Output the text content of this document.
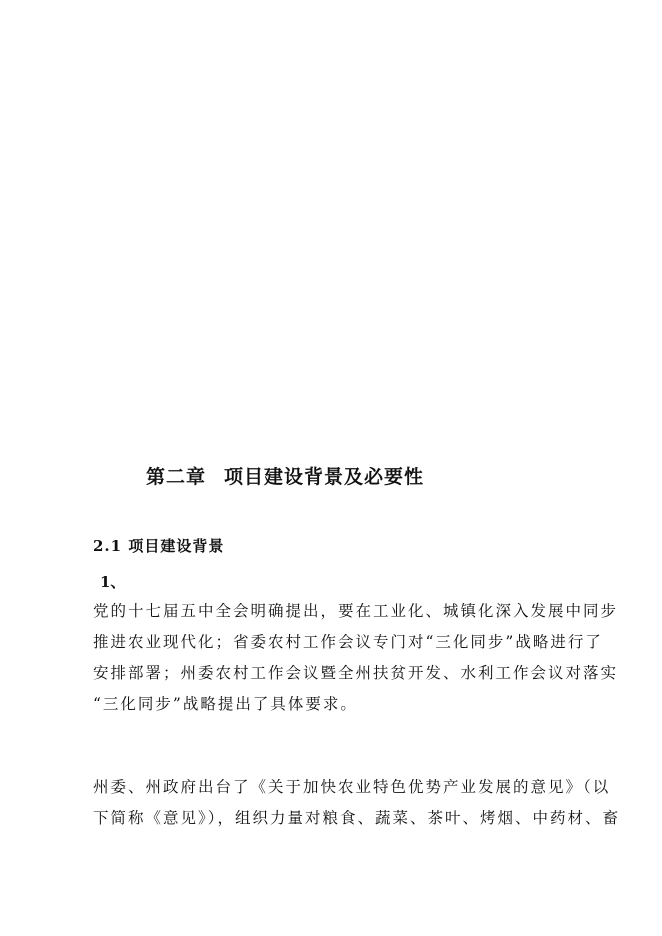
第二章 项目建设背景及必要性
2.1 项目建设背景
1、
党的十七届五中全会明确提出，要在工业化、城镇化深入发展中同步
推进农业现代化；省委农村工作会议专门对“三化同步”战略进行了
安排部署；州委农村工作会议暨全州扶贫开发、水利工作会议对落实
“三化同步”战略提出了具体要求。
州委、州政府出台了《关于加快农业特色优势产业发展的意见》（以
下简称《意见》），组织力量对粮食、蔬菜、茶叶、烤烟、中药材、畜
